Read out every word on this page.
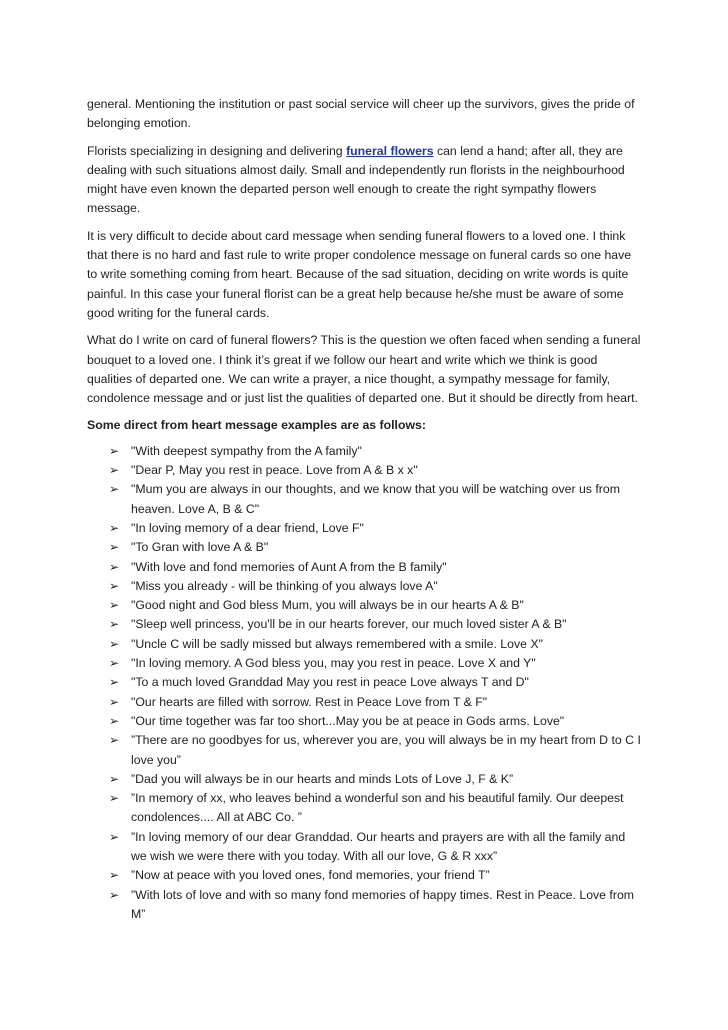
general. Mentioning the institution or past social service will cheer up the survivors, gives the pride of belonging emotion.

Florists specializing in designing and delivering funeral flowers can lend a hand; after all, they are dealing with such situations almost daily. Small and independently run florists in the neighbourhood might have even known the departed person well enough to create the right sympathy flowers message.

It is very difficult to decide about card message when sending funeral flowers to a loved one. I think that there is no hard and fast rule to write proper condolence message on funeral cards so one have to write something coming from heart. Because of the sad situation, deciding on write words is quite painful. In this case your funeral florist can be a great help because he/she must be aware of some good writing for the funeral cards.

What do I write on card of funeral flowers? This is the question we often faced when sending a funeral bouquet to a loved one. I think it’s great if we follow our heart and write which we think is good qualities of departed one. We can write a prayer, a nice thought, a sympathy message for family, condolence message and or just list the qualities of departed one. But it should be directly from heart.

Some direct from heart message examples are as follows:

➢ "With deepest sympathy from the A family"
➢ "Dear P, May you rest in peace. Love from A & B x x"
➢ "Mum you are always in our thoughts, and we know that you will be watching over us from heaven. Love A, B & C"
➢ "In loving memory of a dear friend, Love F"
➢ "To Gran with love A & B"
➢ "With love and fond memories of Aunt A from the B family"
➢ "Miss you already - will be thinking of you always love A"
➢ "Good night and God bless Mum, you will always be in our hearts A & B"
➢ "Sleep well princess, you'll be in our hearts forever, our much loved sister A & B"
➢ "Uncle C will be sadly missed but always remembered with a smile. Love X"
➢ "In loving memory. A God bless you, may you rest in peace. Love X and Y"
➢ "To a much loved Granddad May you rest in peace Love always T and D"
➢ "Our hearts are filled with sorrow. Rest in Peace Love from T & F"
➢ "Our time together was far too short...May you be at peace in Gods arms. Love"
➢ ”There are no goodbyes for us, wherever you are, you will always be in my heart from D to C I love you”
➢ ”Dad you will always be in our hearts and minds Lots of Love J, F & K”
➢ ”In memory of xx, who leaves behind a wonderful son and his beautiful family. Our deepest condolences.... All at ABC Co. ”
➢ ”In loving memory of our dear Granddad. Our hearts and prayers are with all the family and we wish we were there with you today. With all our love, G & R xxx”
➢ ”Now at peace with you loved ones, fond memories, your friend T”
➢ ”With lots of love and with so many fond memories of happy times. Rest in Peace. Love from M”
